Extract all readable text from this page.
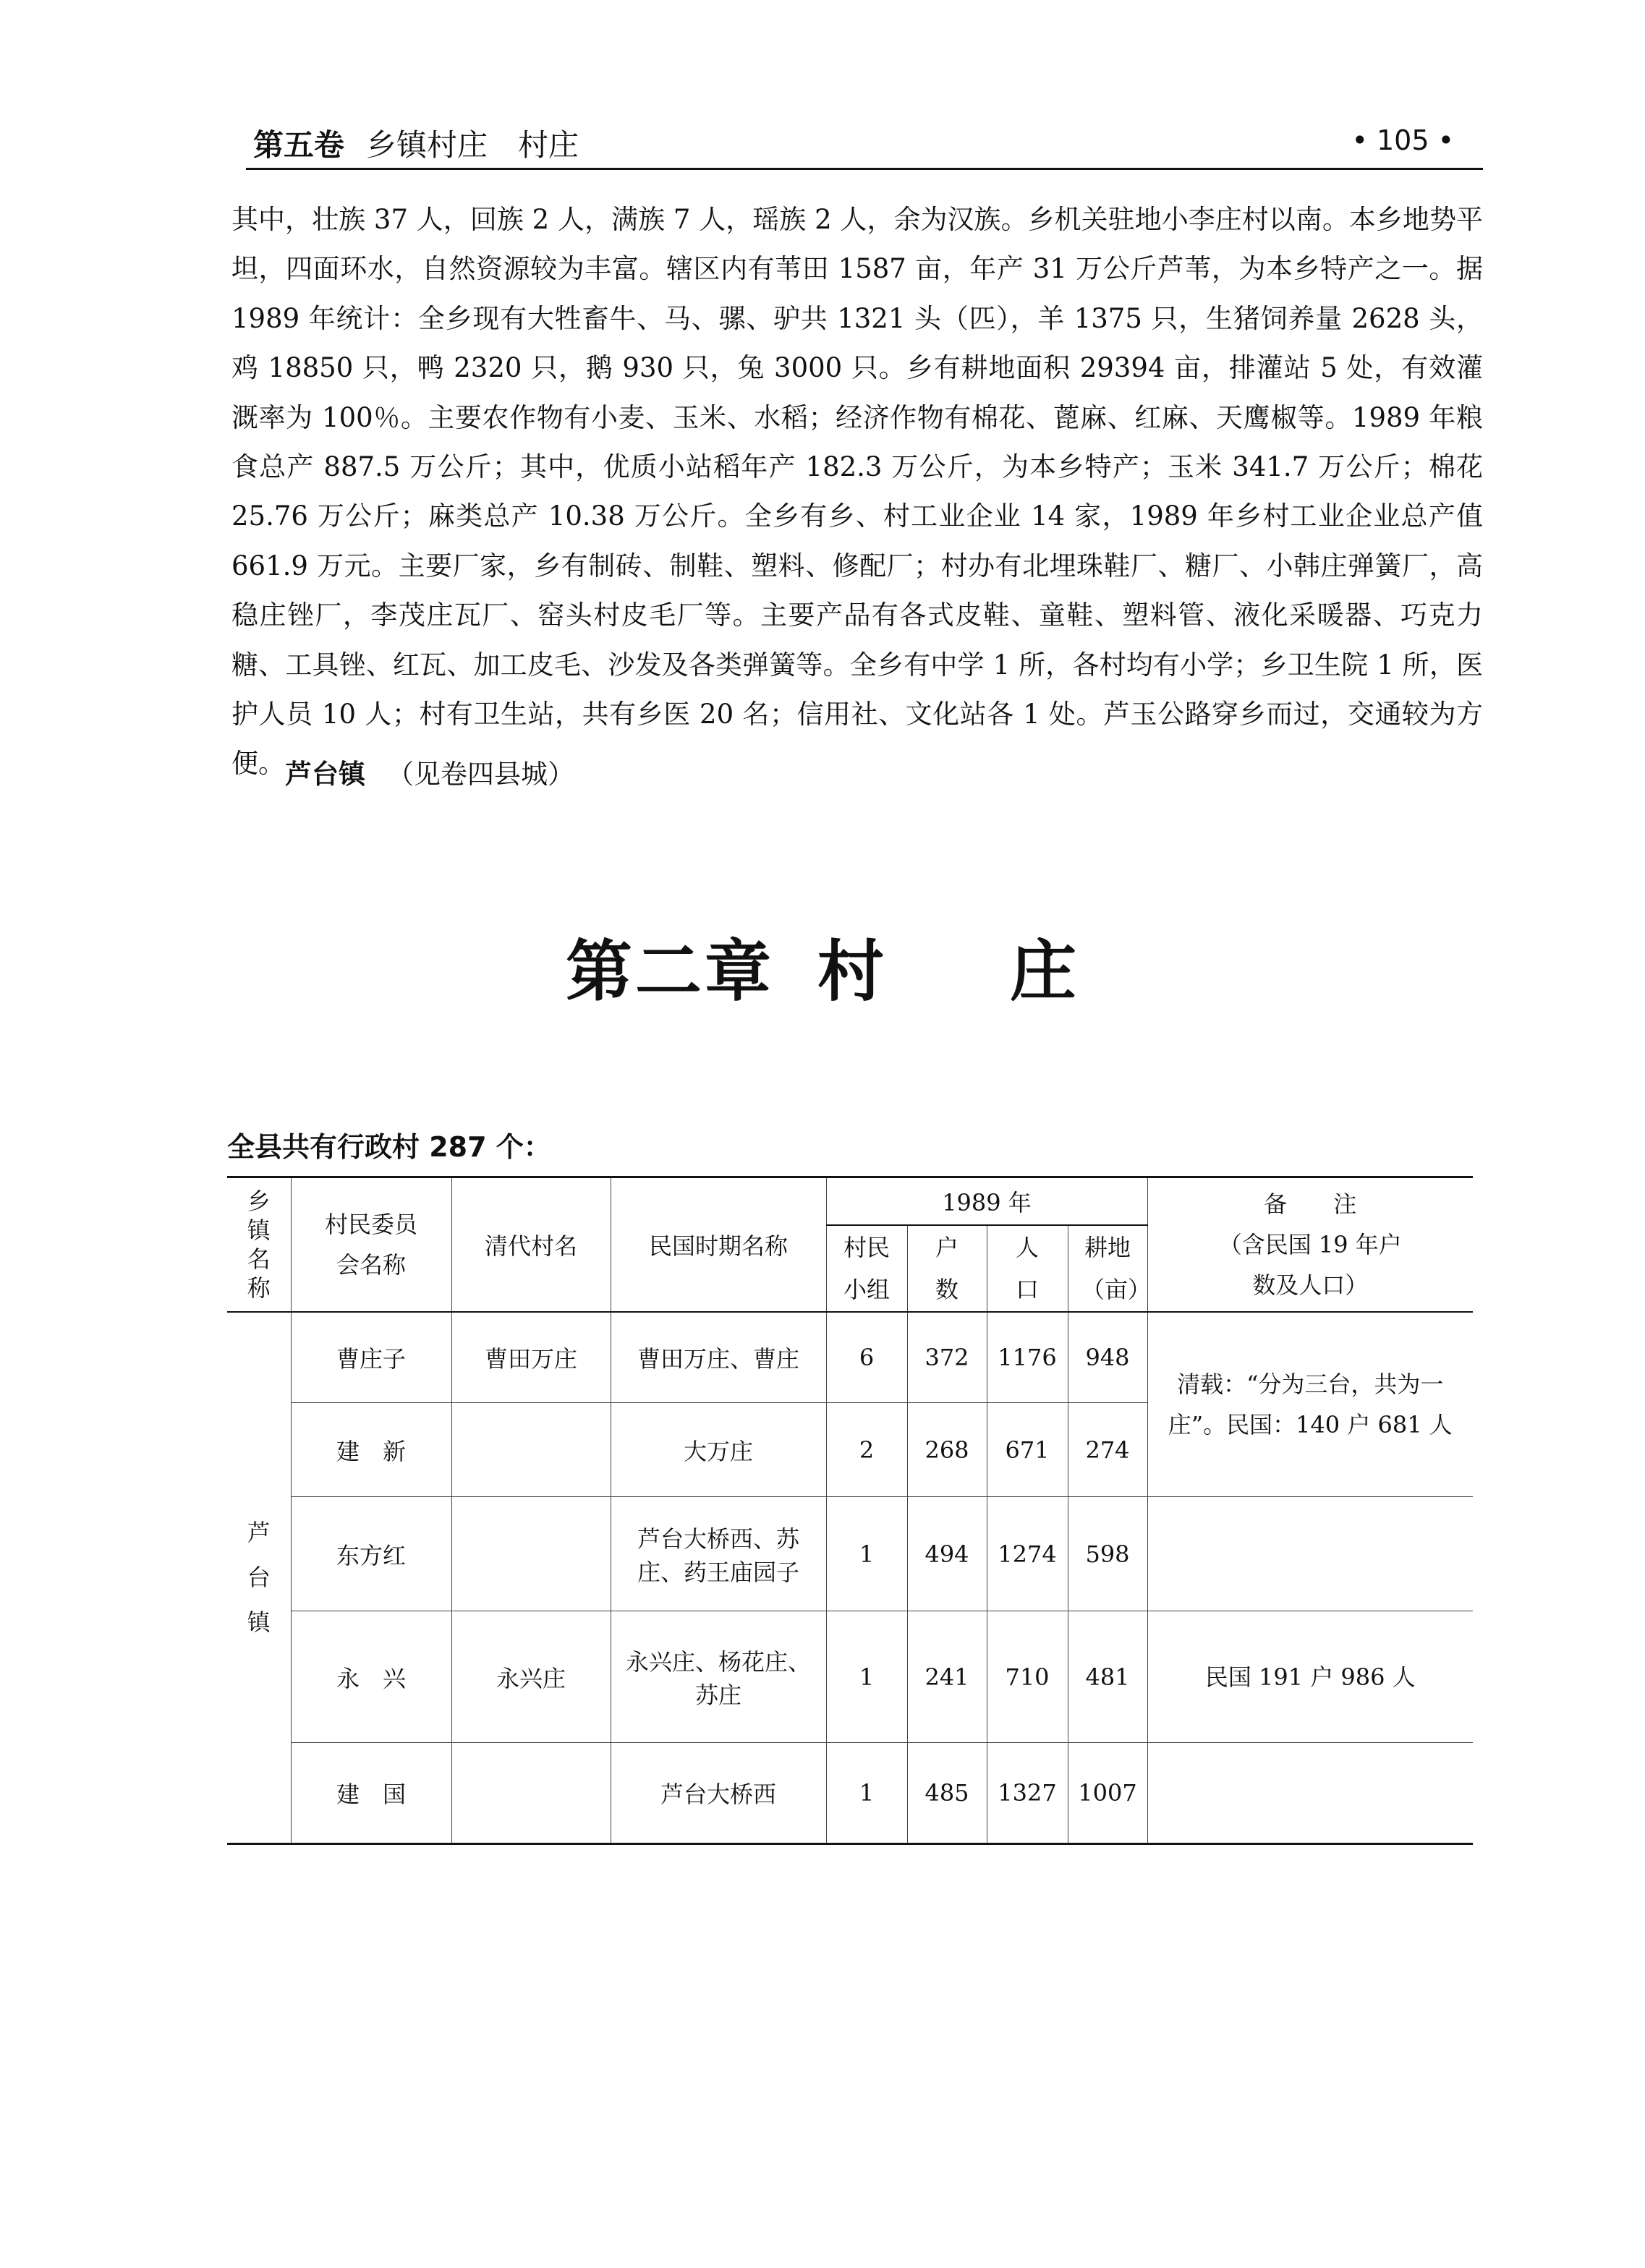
第五卷 乡镇村庄　村庄	• 105 •

其中，壮族 37 人，回族 2 人，满族 7 人，瑶族 2 人，余为汉族。乡机关驻地小李庄村以南。本乡地势平坦，四面环水，自然资源较为丰富。辖区内有苇田 1587 亩，年产 31 万公斤芦苇，为本乡特产之一。据 1989 年统计：全乡现有大牲畜牛、马、骡、驴共 1321 头（匹），羊 1375 只，生猪饲养量 2628 头，鸡 18850 只，鸭 2320 只，鹅 930 只，兔 3000 只。乡有耕地面积 29394 亩，排灌站 5 处，有效灌溉率为 100％。主要农作物有小麦、玉米、水稻；经济作物有棉花、蓖麻、红麻、天鹰椒等。1989 年粮食总产 887.5 万公斤；其中，优质小站稻年产 182.3 万公斤，为本乡特产；玉米 341.7 万公斤；棉花 25.76 万公斤；麻类总产 10.38 万公斤。全乡有乡、村工业企业 14 家，1989 年乡村工业企业总产值 661.9 万元。主要厂家，乡有制砖、制鞋、塑料、修配厂；村办有北埋珠鞋厂、糖厂、小韩庄弹簧厂，高稳庄锉厂，李茂庄瓦厂、窑头村皮毛厂等。主要产品有各式皮鞋、童鞋、塑料管、液化采暖器、巧克力糖、工具锉、红瓦、加工皮毛、沙发及各类弹簧等。全乡有中学 1 所，各村均有小学；乡卫生院 1 所，医护人员 10 人；村有卫生站，共有乡医 20 名；信用社、文化站各 1 处。芦玉公路穿乡而过，交通较为方便。 芦台镇 （见卷四县城）
第二章 村 庄
全县共有行政村 287 个：
乡镇名称	村民委员会名称	清代村名	民国时期名称	1989 年				备　　注
（含民国 19 年户数及人口）

				村民小组	户数	人口	耕地（亩）	
芦台镇	曹庄子	曹田万庄	曹田万庄、曹庄	6	372	1176	948	清载：“分为三台，共为一庄”。民国：140 户 681 人
	建　新		大万庄	2	268	671	274	
	东方红		芦台大桥西、苏庄、药王庙园子	1	494	1274	598	
	永　兴	永兴庄	永兴庄、杨花庄、苏庄	1	241	710	481	民国 191 户 986 人
	建　国		芦台大桥西	1	485	1327	1007	
